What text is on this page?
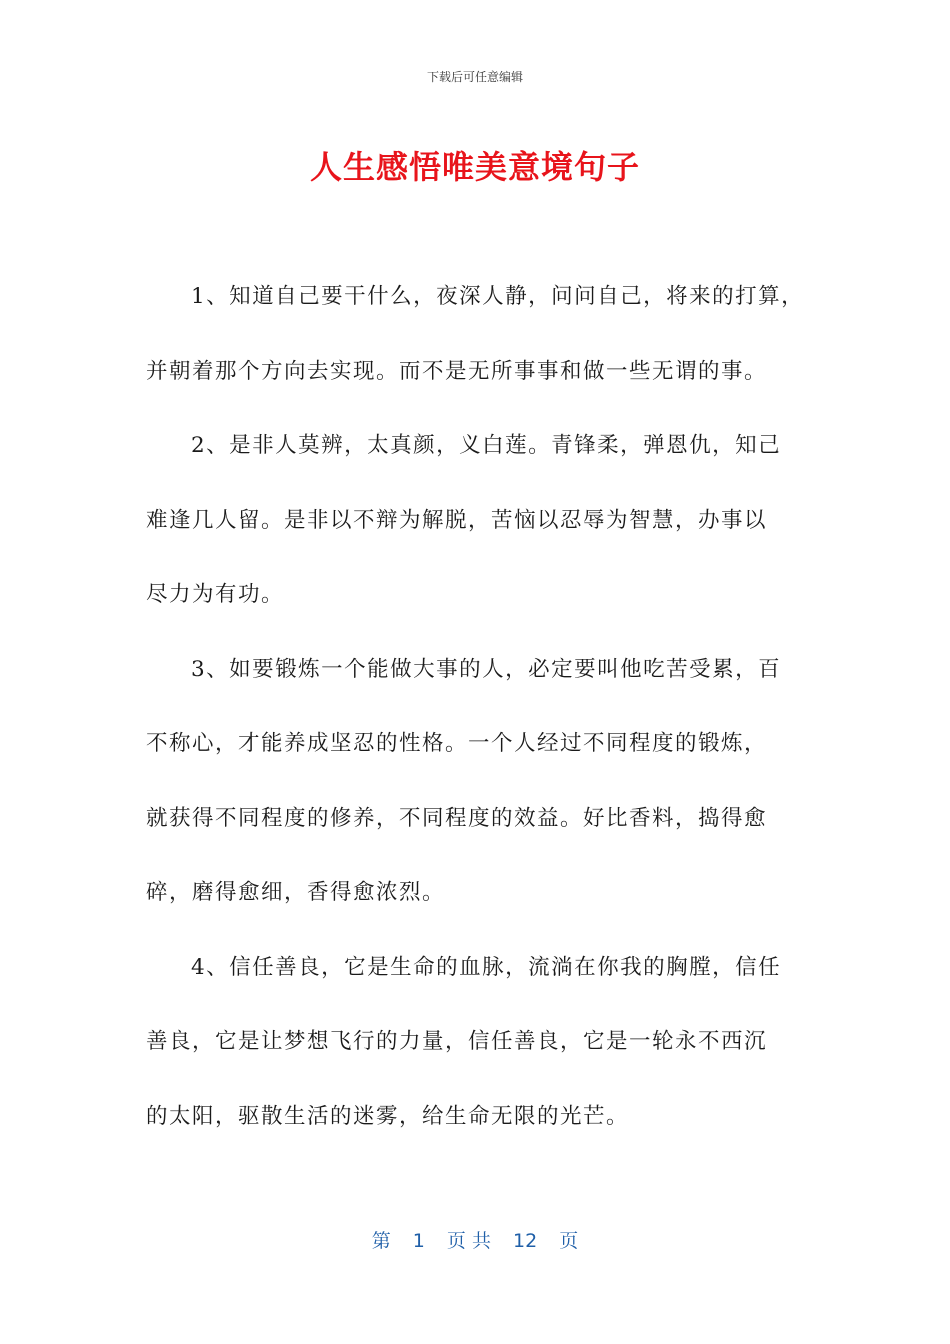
下载后可任意编辑
人生感悟唯美意境句子
1、知道自己要干什么，夜深人静，问问自己，将来的打算，
并朝着那个方向去实现。而不是无所事事和做一些无谓的事。
2、是非人莫辨，太真颜，义白莲。青锋柔，弹恩仇，知己
难逢几人留。是非以不辩为解脱，苦恼以忍辱为智慧，办事以
尽力为有功。
3、如要锻炼一个能做大事的人，必定要叫他吃苦受累，百
不称心，才能养成坚忍的性格。一个人经过不同程度的锻炼，
就获得不同程度的修养，不同程度的效益。好比香料，捣得愈
碎，磨得愈细，香得愈浓烈。
4、信任善良，它是生命的血脉，流淌在你我的胸膛，信任
善良，它是让梦想飞行的力量，信任善良，它是一轮永不西沉
的太阳，驱散生活的迷雾，给生命无限的光芒。
第 1 页 共 12 页
